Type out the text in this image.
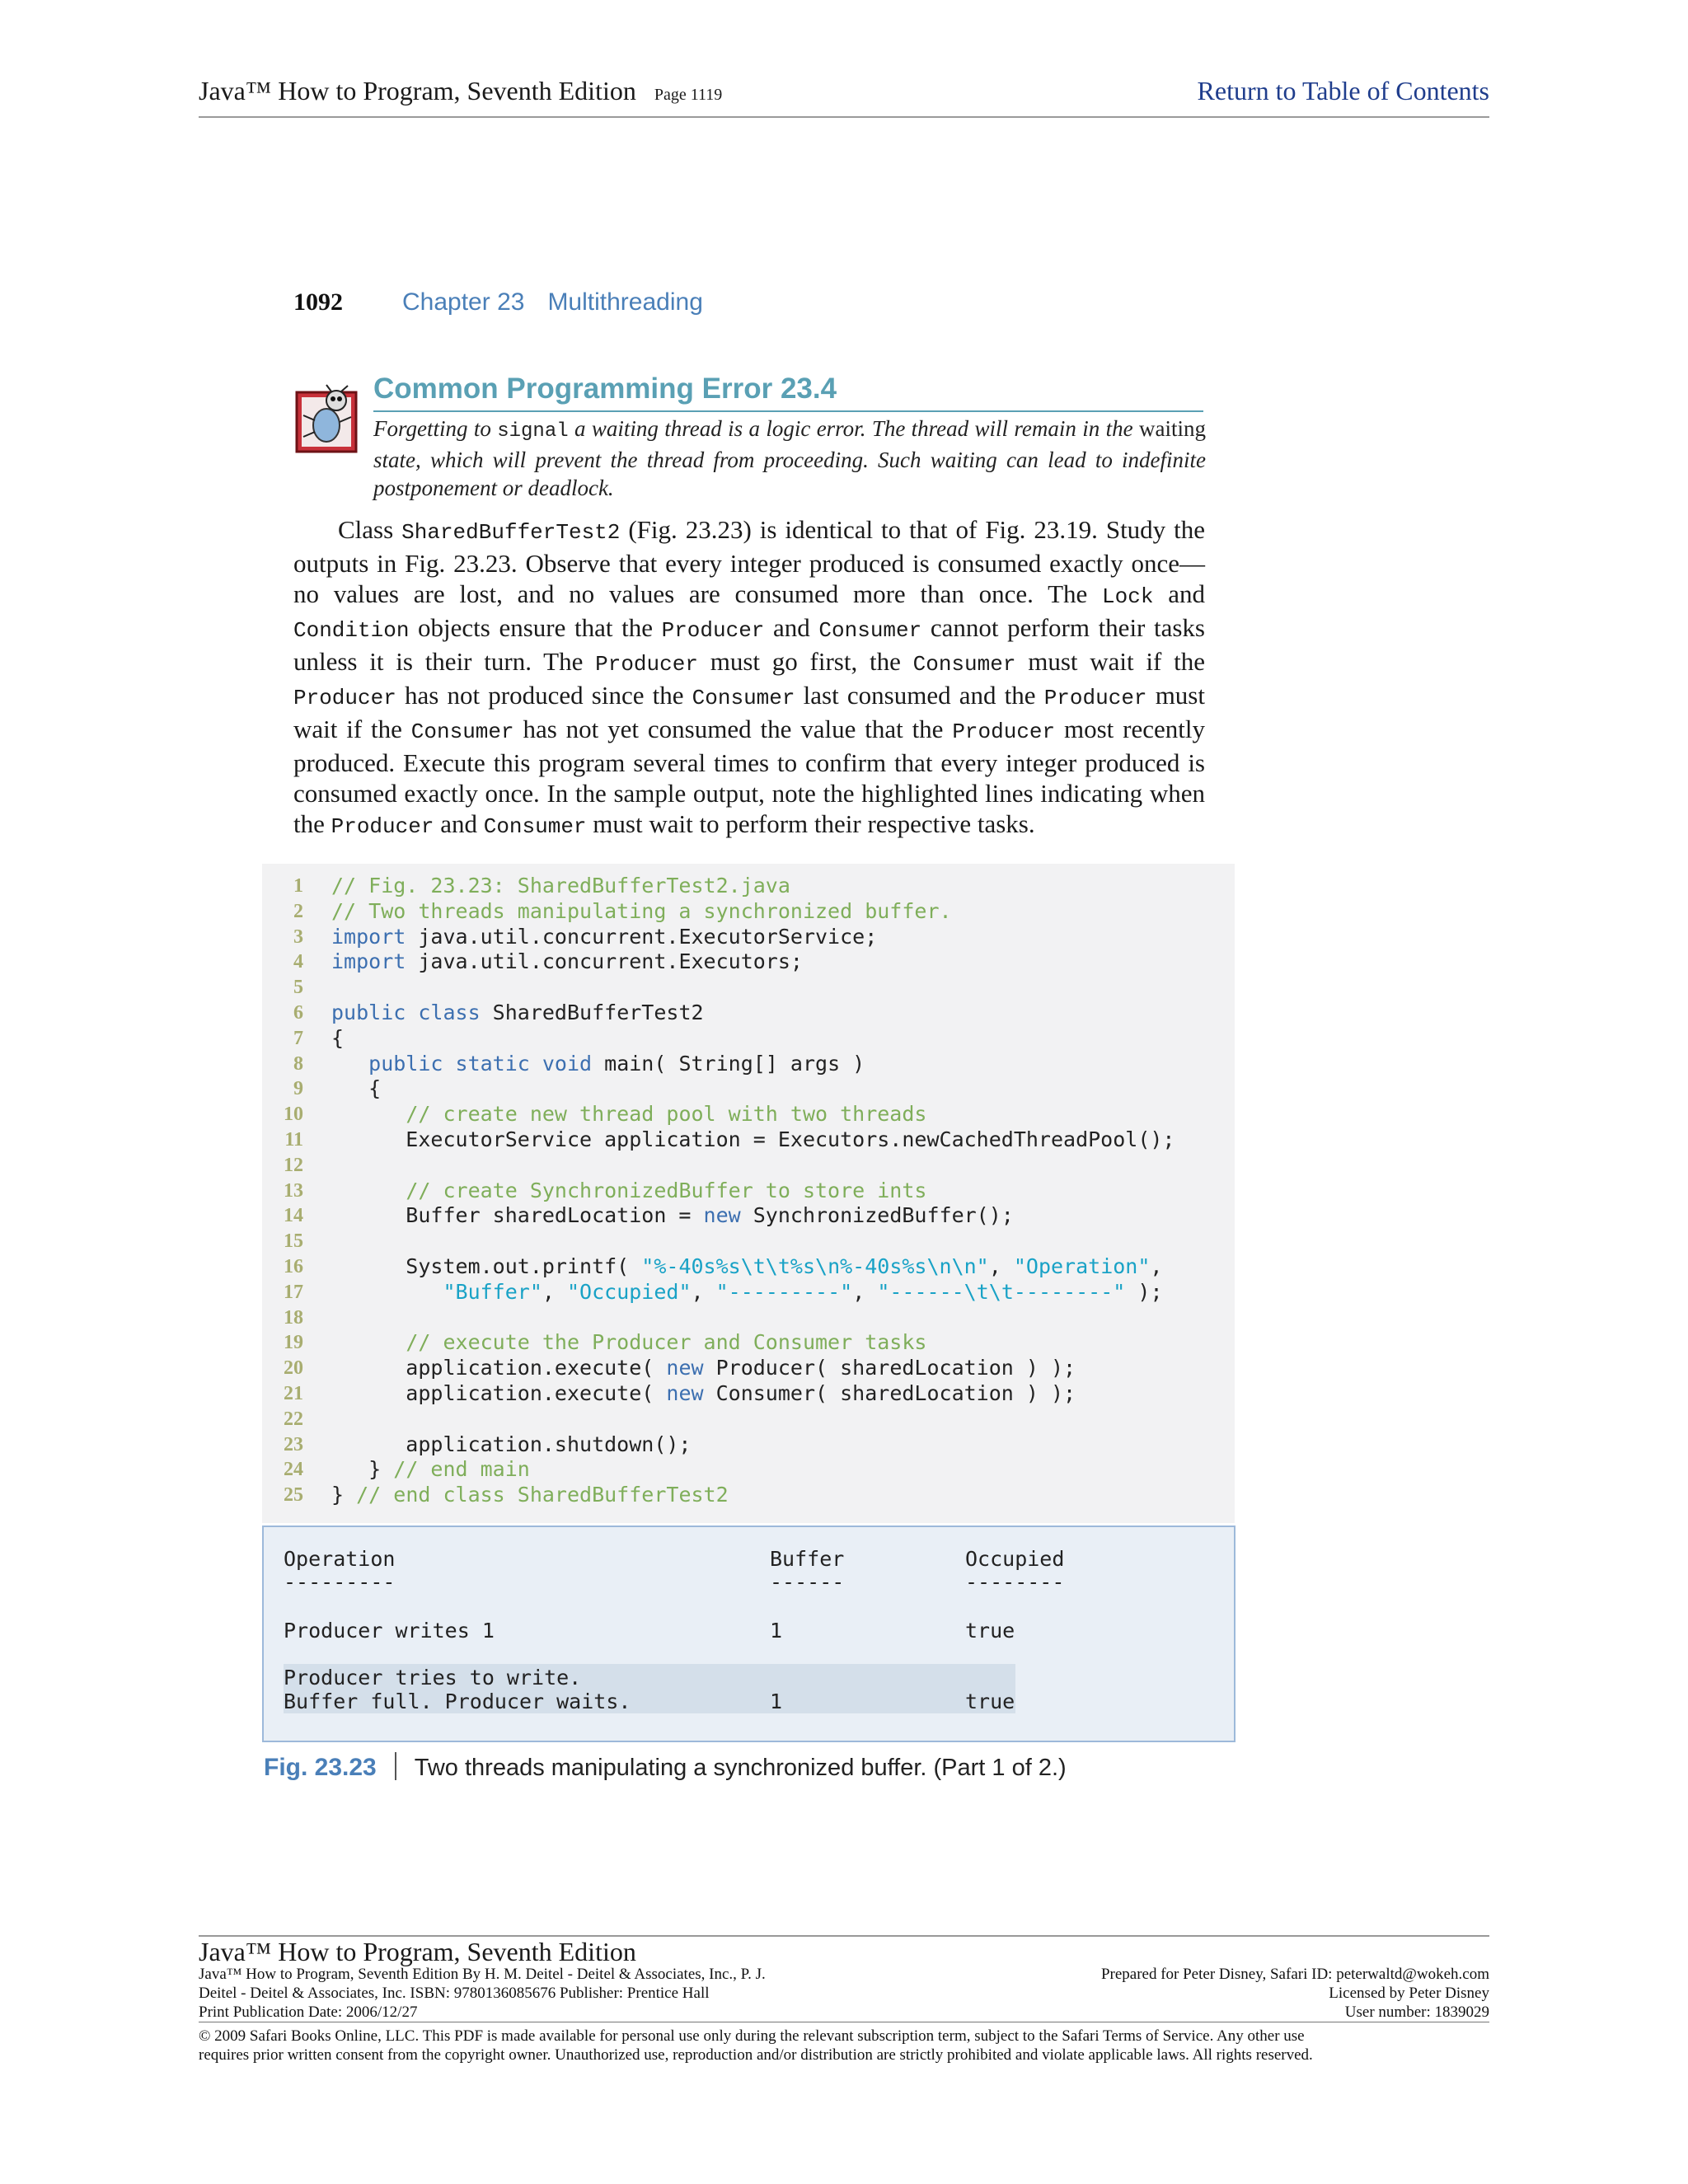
Java™ How to Program, Seventh Edition Page 1119	Return to Table of Contents
1092 Chapter 23 Multithreading
Common Programming Error 23.4
Forgetting to signal a waiting thread is a logic error. The thread will remain in the waiting state, which will prevent the thread from proceeding. Such waiting can lead to indefinite postponement or deadlock.

Class SharedBufferTest2 (Fig. 23.23) is identical to that of Fig. 23.19. Study the outputs in Fig. 23.23. Observe that every integer produced is consumed exactly once—no values are lost, and no values are consumed more than once. The Lock and Condition objects ensure that the Producer and Consumer cannot perform their tasks unless it is their turn. The Producer must go first, the Consumer must wait if the Producer has not produced since the Consumer last consumed and the Producer must wait if the Consumer has not yet consumed the value that the Producer most recently produced. Execute this program several times to confirm that every integer produced is consumed exactly once. In the sample output, note the highlighted lines indicating when the Producer and Consumer must wait to perform their respective tasks.

1	// Fig. 23.23: SharedBufferTest2.java
2	// Two threads manipulating a synchronized buffer.
3	import java.util.concurrent.ExecutorService;
4	import java.util.concurrent.Executors;
5
6	public class SharedBufferTest2
7	{
8	public static void main( String[] args )
9	{
10	// create new thread pool with two threads
11	ExecutorService application = Executors.newCachedThreadPool();
12
13	// create SynchronizedBuffer to store ints
14	Buffer sharedLocation = new SynchronizedBuffer();
15
16	System.out.printf( "%-40s%s\t\t%s\n%-40s%s\n\n", "Operation",
17	"Buffer", "Occupied", "---------", "------\t\t--------" );
18
19	// execute the Producer and Consumer tasks
20	application.execute( new Producer( sharedLocation ) );
21	application.execute( new Consumer( sharedLocation ) );
22
23	application.shutdown();
24	} // end main
25	} // end class SharedBufferTest2
Operation	Buffer	Occupied
---------	------	--------
Producer writes 1	1	true
Producer tries to write.
Buffer full. Producer waits.	1	true
Fig. 23.23 Two threads manipulating a synchronized buffer. (Part 1 of 2.)
Java™ How to Program, Seventh Edition
Java™ How to Program, Seventh Edition By H. M. Deitel - Deitel & Associates, Inc., P. J.
Deitel - Deitel & Associates, Inc. ISBN: 9780136085676 Publisher: Prentice Hall
Print Publication Date: 2006/12/27
Prepared for Peter Disney, Safari ID: peterwaltd@wokeh.com
Licensed by Peter Disney
User number: 1839029
© 2009 Safari Books Online, LLC. This PDF is made available for personal use only during the relevant subscription term, subject to the Safari Terms of Service. Any other use
requires prior written consent from the copyright owner. Unauthorized use, reproduction and/or distribution are strictly prohibited and violate applicable laws. All rights reserved.
